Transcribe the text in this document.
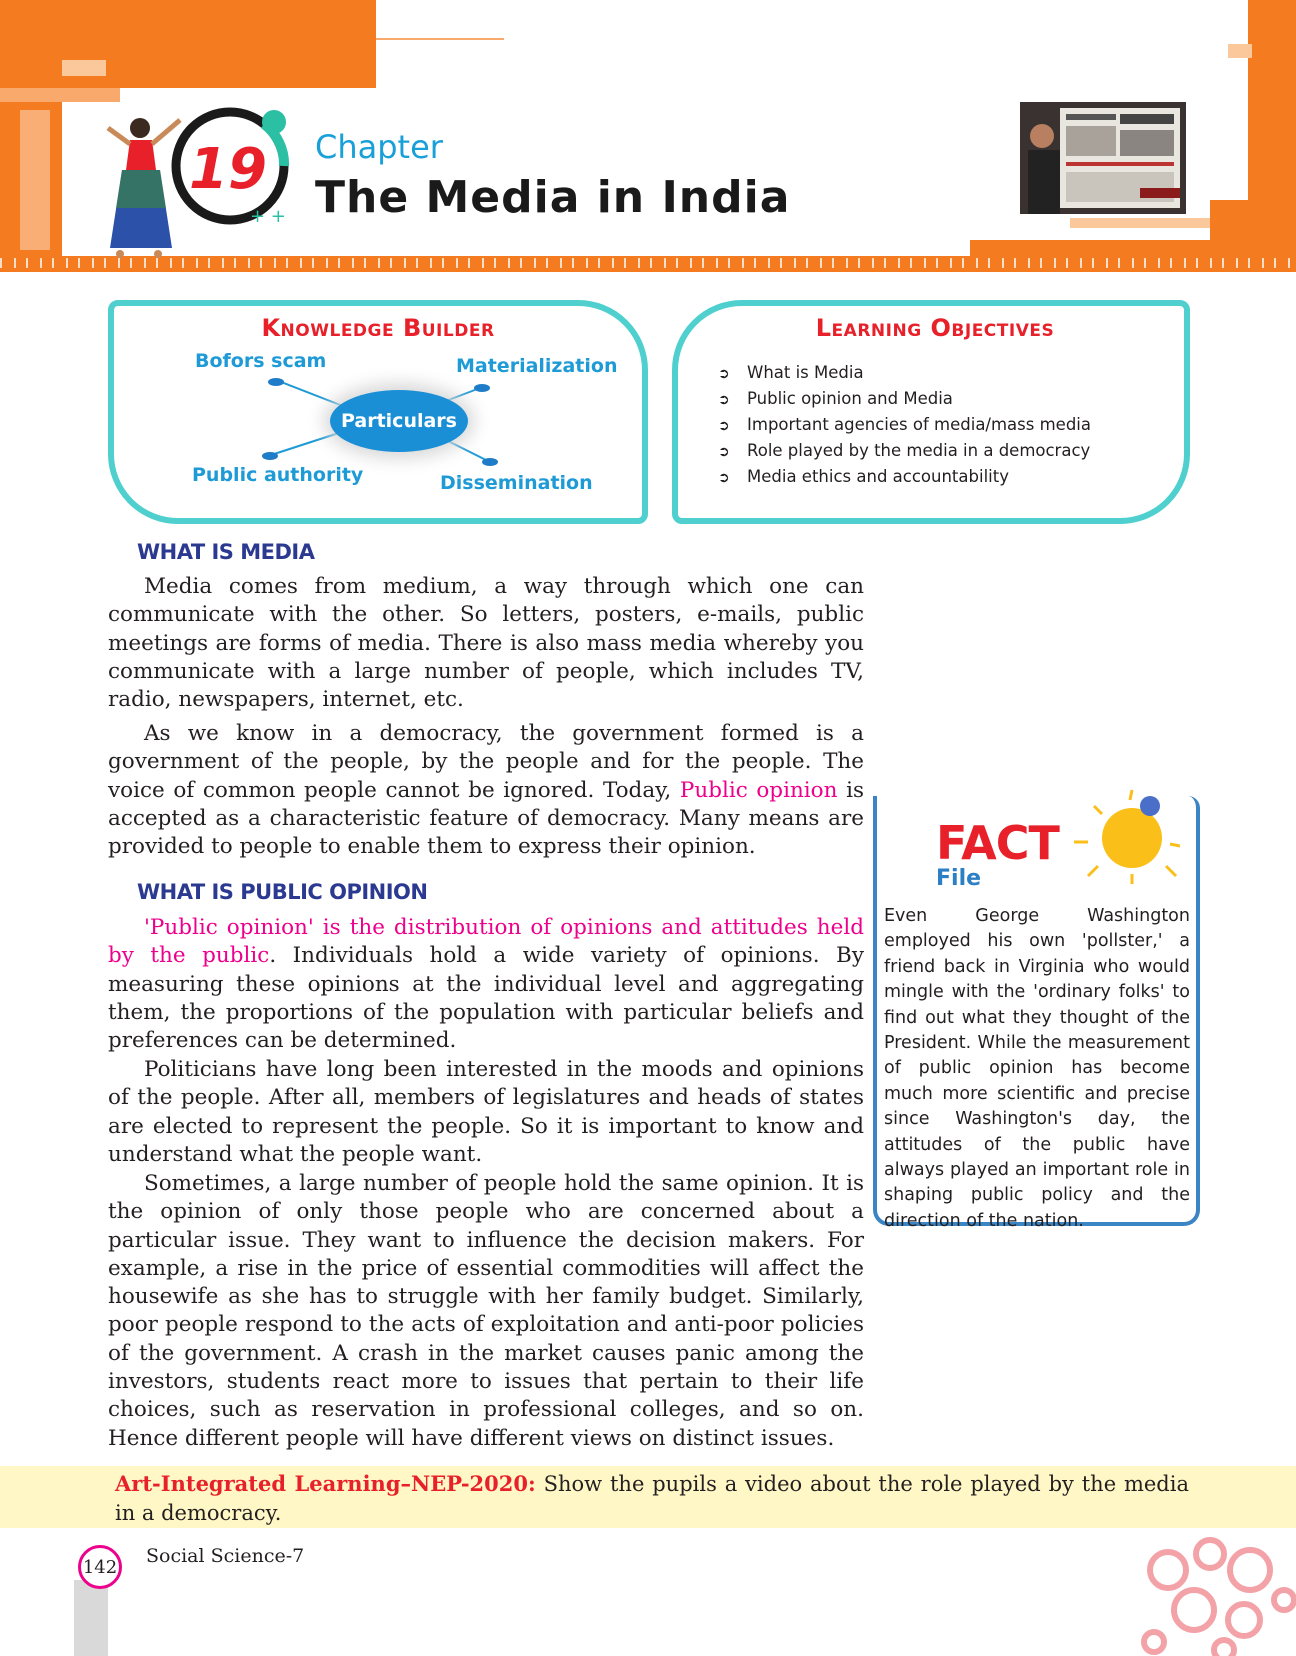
19
+ +
Chapter
The Media in India
Knowledge Builder
Bofors scam	Materialization
Public authority	Dissemination
Particulars
Learning Objectives
➲ What is Media
➲ Public opinion and Media
➲ Important agencies of media/mass media
➲ Role played by the media in a democracy
➲ Media ethics and accountability
WHAT IS MEDIA

Media comes from medium, a way through which one can communicate with the other. So letters, posters, e-mails, public meetings are forms of media. There is also mass media whereby you communicate with a large number of people, which includes TV, radio, newspapers, internet, etc.

As we know in a democracy, the government formed is a government of the people, by the people and for the people. The voice of common people cannot be ignored. Today, Public opinion is accepted as a characteristic feature of democracy. Many means are provided to people to enable them to express their opinion.

WHAT IS PUBLIC OPINION

'Public opinion' is the distribution of opinions and attitudes held by the public. Individuals hold a wide variety of opinions. By measuring these opinions at the individual level and aggregating them, the proportions of the population with particular beliefs and preferences can be determined.

Politicians have long been interested in the moods and opinions of the people. After all, members of legislatures and heads of states are elected to represent the people. So it is important to know and understand what the people want.

Sometimes, a large number of people hold the same opinion. It is the opinion of only those people who are concerned about a particular issue. They want to influence the decision makers. For example, a rise in the price of essential commodities will affect the housewife as she has to struggle with her family budget. Similarly, poor people respond to the acts of exploitation and anti-poor policies of the government. A crash in the market causes panic among the investors, students react more to issues that pertain to their life choices, such as reservation in professional colleges, and so on. Hence different people will have different views on distinct issues.

FACT
File

Even George Washington employed his own 'pollster,' a friend back in Virginia who would mingle with the 'ordinary folks' to find out what they thought of the President. While the measurement of public opinion has become much more scientific and precise since Washington's day, the attitudes of the public have always played an important role in shaping public policy and the direction of the nation.

Art-Integrated Learning–NEP-2020: Show the pupils a video about the role played by the media in a democracy.

142 Social Science-7
